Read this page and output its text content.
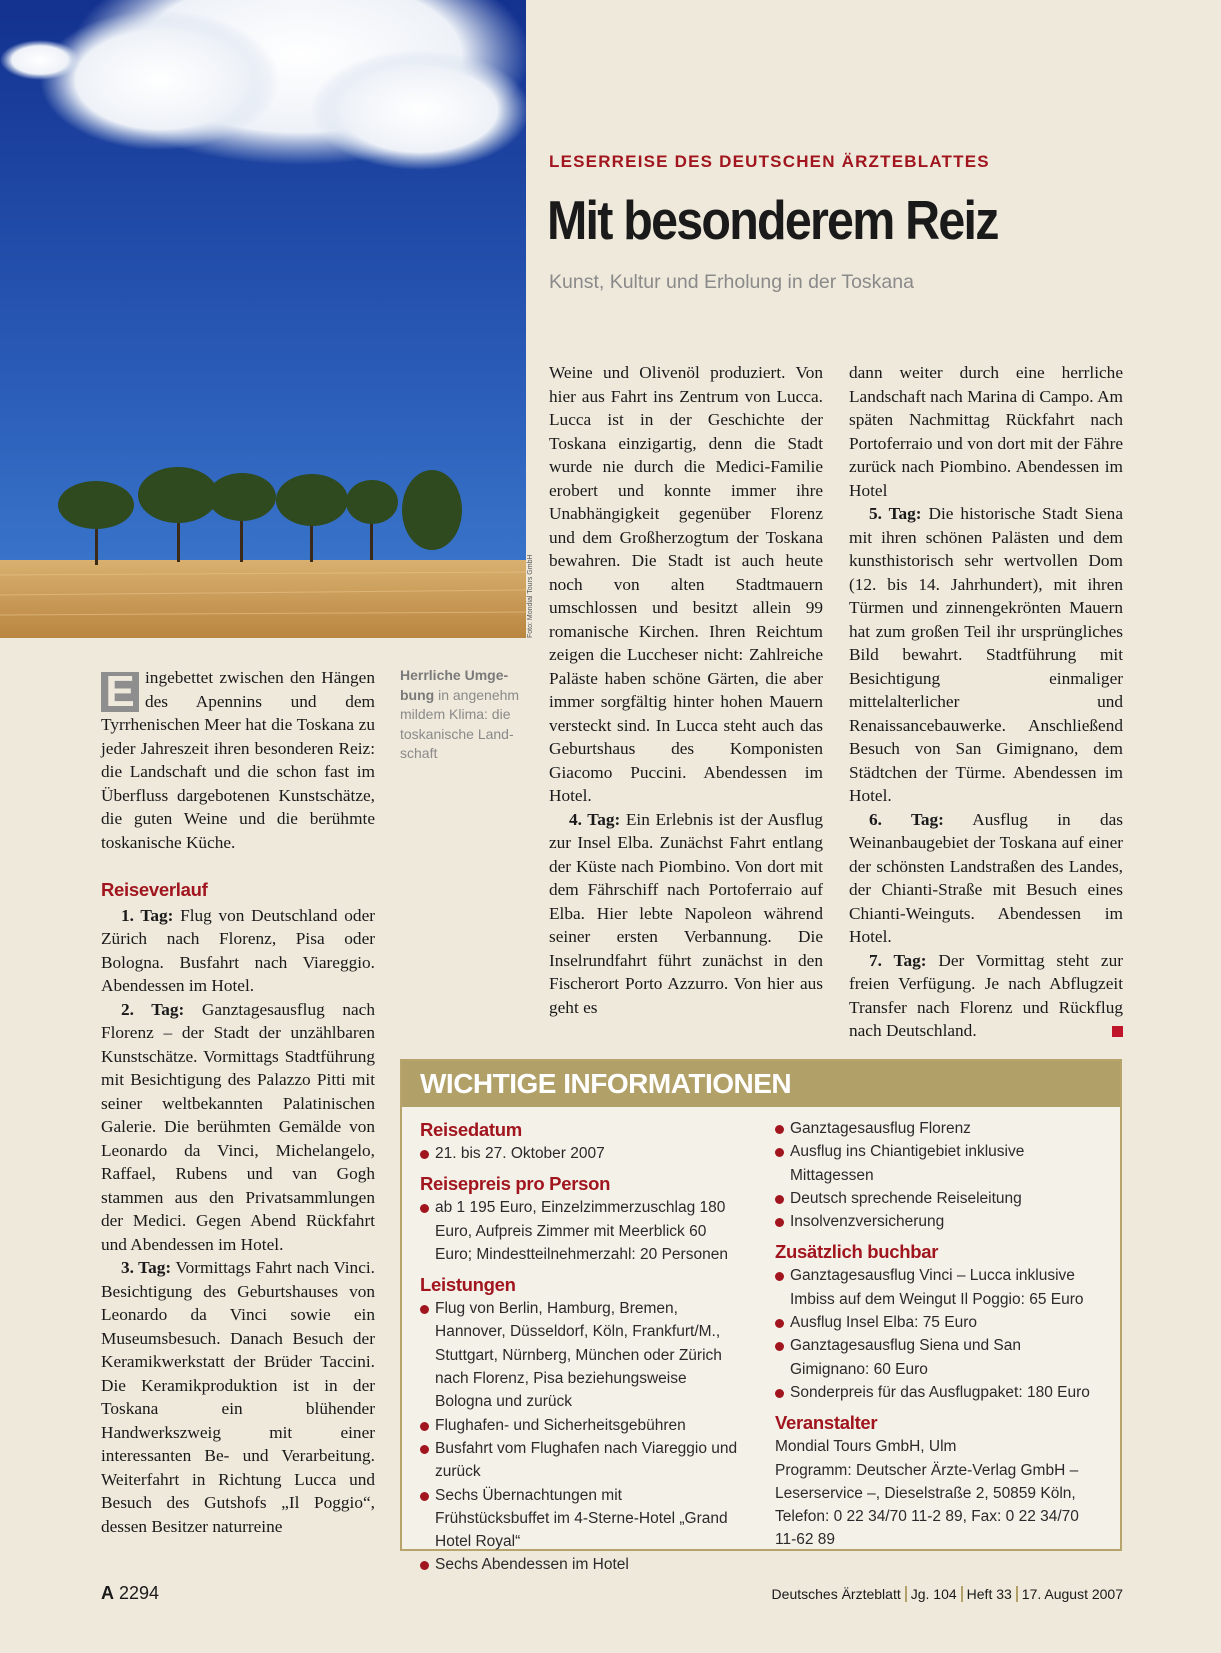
Foto: Mondial Tours GmbH
LESERREISE DES DEUTSCHEN ÄRZTEBLATTES
Mit besonderem Reiz
Kunst, Kultur und Erholung in der Toskana

E ingebettet zwischen den Hängen des Apennins und dem Tyrrhenischen Meer hat die Toskana zu jeder Jahreszeit ihren besonderen Reiz: die Landschaft und die schon fast im Überfluss dargebotenen Kunstschätze, die guten Weine und die berühmte toskanische Küche.

Reiseverlauf

1. Tag: Flug von Deutschland oder Zürich nach Florenz, Pisa oder Bologna. Busfahrt nach Viareggio. Abendessen im Hotel.

2. Tag: Ganztagesausflug nach Florenz – der Stadt der unzählbaren Kunstschätze. Vormittags Stadtführung mit Besichtigung des Palazzo Pitti mit seiner weltbekannten Palatinischen Galerie. Die berühmten Gemälde von Leonardo da Vinci, Michelangelo, Raffael, Rubens und van Gogh stammen aus den Privatsammlungen der Medici. Gegen Abend Rückfahrt und Abendessen im Hotel.

3. Tag: Vormittags Fahrt nach Vinci. Besichtigung des Geburtshauses von Leonardo da Vinci sowie ein Museumsbesuch. Danach Besuch der Keramikwerkstatt der Brüder Taccini. Die Keramikproduktion ist in der Toskana ein blühender Handwerkszweig mit einer interessanten Be- und Verarbeitung. Weiterfahrt in Richtung Lucca und Besuch des Gutshofs „Il Poggio“, dessen Besitzer naturreine

Herrliche Umge- bung in angenehm mildem Klima: die toskanische Land-schaft

Weine und Olivenöl produziert. Von hier aus Fahrt ins Zentrum von Lucca. Lucca ist in der Geschichte der Toskana einzigartig, denn die Stadt wurde nie durch die Medici-Familie erobert und konnte immer ihre Unabhängigkeit gegenüber Florenz und dem Großherzogtum der Toskana bewahren. Die Stadt ist auch heute noch von alten Stadtmauern umschlossen und besitzt allein 99 romanische Kirchen. Ihren Reichtum zeigen die Luccheser nicht: Zahlreiche Paläste haben schöne Gärten, die aber immer sorgfältig hinter hohen Mauern versteckt sind. In Lucca steht auch das Geburtshaus des Komponisten Giacomo Puccini. Abendessen im Hotel.

4. Tag: Ein Erlebnis ist der Ausflug zur Insel Elba. Zunächst Fahrt entlang der Küste nach Piombino. Von dort mit dem Fährschiff nach Portoferraio auf Elba. Hier lebte Napoleon während seiner ersten Verbannung. Die Inselrundfahrt führt zunächst in den Fischerort Porto Azzurro. Von hier aus geht es

dann weiter durch eine herrliche Landschaft nach Marina di Campo. Am späten Nachmittag Rückfahrt nach Portoferraio und von dort mit der Fähre zurück nach Piombino. Abendessen im Hotel

5. Tag: Die historische Stadt Siena mit ihren schönen Palästen und dem kunsthistorisch sehr wertvollen Dom (12. bis 14. Jahrhundert), mit ihren Türmen und zinnengekrönten Mauern hat zum großen Teil ihr ursprüngliches Bild bewahrt. Stadtführung mit Besichtigung einmaliger mittelalterlicher und Renaissancebauwerke. Anschließend Besuch von San Gimignano, dem Städtchen der Türme. Abendessen im Hotel.

6. Tag: Ausflug in das Weinanbaugebiet der Toskana auf einer der schönsten Landstraßen des Landes, der Chianti-Straße mit Besuch eines Chianti-Weinguts. Abendessen im Hotel.

7. Tag: Der Vormittag steht zur freien Verfügung. Je nach Abflugzeit Transfer nach Florenz und Rückflug nach Deutschland.

WICHTIGE INFORMATIONEN
Reisedatum
21. bis 27. Oktober 2007
Reisepreis pro Person
ab 1 195 Euro, Einzelzimmerzuschlag 180 Euro, Aufpreis Zimmer mit Meerblick 60 Euro; Mindestteilnehmerzahl: 20 Personen
Leistungen
Flug von Berlin, Hamburg, Bremen, Hannover, Düsseldorf, Köln, Frankfurt/M., Stuttgart, Nürnberg, München oder Zürich nach Florenz, Pisa beziehungsweise Bologna und zurück
Flughafen- und Sicherheitsgebühren
Busfahrt vom Flughafen nach Viareggio und zurück
Sechs Übernachtungen mit Frühstücksbuffet im 4-Sterne-Hotel „Grand Hotel Royal“
Sechs Abendessen im Hotel
Ganztagesausflug Florenz
Ausflug ins Chiantigebiet inklusive Mittagessen
Deutsch sprechende Reiseleitung
Insolvenzversicherung
Zusätzlich buchbar
Ganztagesausflug Vinci – Lucca inklusive Imbiss auf dem Weingut Il Poggio: 65 Euro
Ausflug Insel Elba: 75 Euro
Ganztagesausflug Siena und San Gimignano: 60 Euro
Sonderpreis für das Ausflugpaket: 180 Euro
Veranstalter

Mondial Tours GmbH, Ulm

Programm: Deutscher Ärzte-Verlag GmbH – Leserservice –, Dieselstraße 2, 50859 Köln, Telefon: 0 22 34/70 11-2 89, Fax: 0 22 34/70 11-62 89

A 2294	Deutsches Ärzteblatt Jg. 104 Heft 33 17. August 2007
